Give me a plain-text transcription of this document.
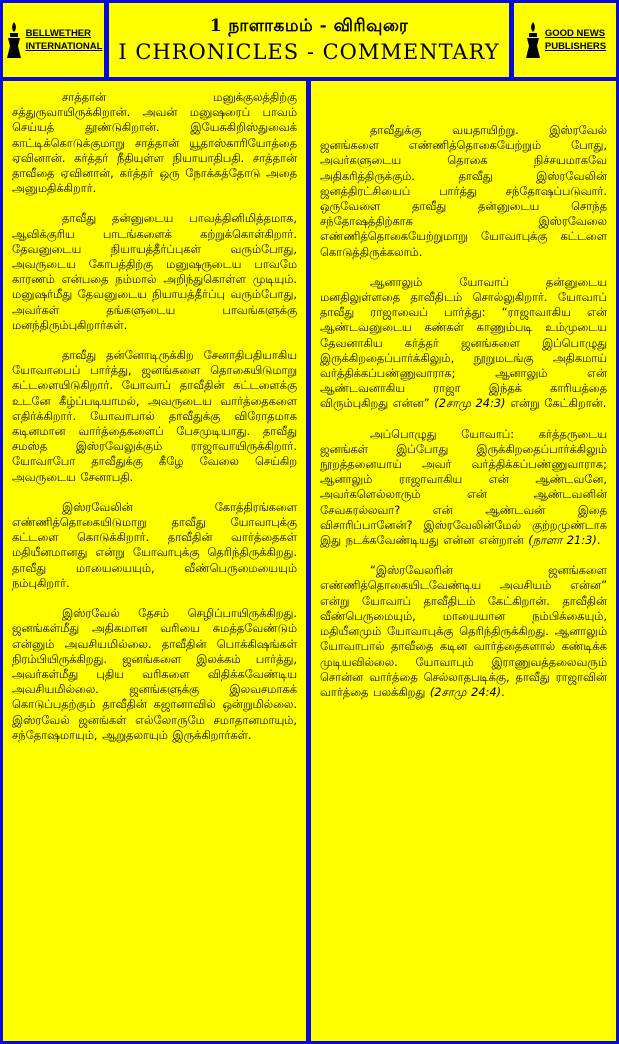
BELLWETHER
INTERNATIONAL
1 நாளாகமம் - விரிவுரை
I CHRONICLES - COMMENTARY
GOOD NEWS
PUBLISHERS

சாத்தான் மனுக்குலத்திற்கு சத்துருவாயிருக்கிறான். அவன் மனுஷரைப் பாவம் செய்யத் தூண்டுகிறான். இயேசுகிறிஸ்துவைக் காட்டிக்கொடுக்குமாறு சாத்தான் யூதாஸ்காரியோத்தை ஏவினான். கர்த்தர் நீதியுள்ள நியாயாதிபதி. சாத்தான் தாவீதை ஏவினான், கர்த்தர் ஒரு நோக்கத்தோடு அதை அனுமதிக்கிறார்.

தாவீது தன்னுடைய பாவத்தினிமித்தமாக, ஆவிக்குரிய பாடங்களைக் கற்றுக்கொள்கிறார். தேவனுடைய நியாயத்தீர்ப்புகள் வரும்போது, அவருடைய கோபத்திற்கு மனுஷருடைய பாவமே காரணம் என்பதை நம்மால் அறிந்துகொள்ள முடியும். மனுஷர்மீது தேவனுடைய நியாயத்தீர்ப்பு வரும்போது, அவர்கள் தங்களுடைய பாவங்களுக்கு மனந்திரும்புகிறார்கள்.

தாவீது தன்னோடிருக்கிற சேனாதிபதியாகிய யோவாபைப் பார்த்து, ஜனங்களை தொகையிடுமாறு கட்டளையிடுகிறார். யோவாப் தாவீதின் கட்டளைக்கு உடனே கீழ்ப்படியாமல், அவருடைய வார்த்தைகளை எதிர்க்கிறார். யோவாபால் தாவீதுக்கு விரோதமாக கடினமான வார்த்தைகளைப் பேசமுடியாது. தாவீது சமஸ்த இஸ்ரவேலுக்கும் ராஜாவாயிருக்கிறார். யோவாபோ தாவீதுக்கு கீழே வேலை செய்கிற அவருடைய சேனாபதி.

இஸ்ரவேலின் கோத்திரங்களை எண்ணித்தொகையிடுமாறு தாவீது யோவாபுக்கு கட்டளை கொடுக்கிறார். தாவீதின் வார்த்தைகள் மதியீனமானது என்று யோவாபுக்கு தெரிந்திருக்கிறது. தாவீது மாயையையும், வீண்பெருமையையும் நம்புகிறார்.

இஸ்ரவேல் தேசம் செழிப்பாயிருக்கிறது. ஜனங்கள்மீது அதிகமான வரியை சுமத்தவேண்டும் என்னும் அவசியமில்லை. தாவீதின் பொக்கிஷங்கள் நிரம்பியிருக்கிறது. ஜனங்களை இலக்கம் பார்த்து, அவர்கள்மீது புதிய வரிகளை விதிக்கவேண்டிய அவசியமில்லை. ஜனங்களுக்கு இலவசமாகக் கொடுப்பதற்கும் தாவீதின் கஜானாவில் ஒன்றுமில்லை. இஸ்ரவேல் ஜனங்கள் எல்லோருமே சமாதானமாயும், சந்தோஷமாயும், ஆறுதலாயும் இருக்கிறார்கள்.

தாவீதுக்கு வயதாயிற்று. இஸ்ரவேல் ஜனங்களை எண்ணித்தொகையேற்றும் போது, அவர்களுடைய தொகை நிச்சயமாகவே அதிகரித்திருக்கும். தாவீது இஸ்ரவேலின் ஜனத்திரட்சியைப் பார்த்து சந்தோஷப்படுவார். ஒருவேளை தாவீது தன்னுடைய சொந்த சந்தோஷத்திற்காக இஸ்ரவேலை எண்ணித்தொகையேற்றுமாறு யோவாபுக்கு கட்டளை கொடுத்திருக்கலாம்.

ஆனாலும் யோவாப் தன்னுடைய மனதிலுள்ளதை தாவீதிடம் சொல்லுகிறார். யோவாப் தாவீது ராஜாவைப் பார்த்து: “ராஜாவாகிய என் ஆண்டவனுடைய கண்கள் காணும்படி உம்முடைய தேவனாகிய கர்த்தர் ஜனங்களை இப்பொழுது இருக்கிறதைப்பார்க்கிலும், நூறுமடங்கு அதிகமாய் வர்த்திக்கப்பண்ணுவாராக; ஆனாலும் என் ஆண்டவனாகிய ராஜா இந்தக் காரியத்தை விரும்புகிறது என்ன” (2சாமு 24:3) என்று கேட்கிறான்.

அப்பொழுது யோவாப்: கர்த்தருடைய ஜனங்கள் இப்போது இருக்கிறதைப்பார்க்கிலும் நூறத்தனையாய் அவர் வர்த்திக்கப்பண்ணுவாராக; ஆனாலும் ராஜாவாகிய என் ஆண்டவனே, அவர்களெல்லாரும் என் ஆண்டவனின் சேவகரல்லவா? என் ஆண்டவன் இதை விசாரிப்பானேன்? இஸ்ரவேலின்மேல் குற்றமுண்டாக இது நடக்கவேண்டியது என்ன என்றான் (நாளா 21:3).

“இஸ்ரவேலரின் ஜனங்களை எண்ணித்தொகையிடவேண்டிய அவசியம் என்ன” என்று யோவாப் தாவீதிடம் கேட்கிறான். தாவீதின் வீண்பெருமையும், மாயையான நம்பிக்கையும், மதியீனமும் யோவாபுக்கு தெரிந்திருக்கிறது. ஆனாலும் யோவாபால் தாவீதை கடின வார்த்தைகளால் கண்டிக்க முடியவில்லை. யோவாபும் இராணுவத்தலைவரும் சொன்ன வார்த்தை செல்லாதபடிக்கு, தாவீது ராஜாவின் வார்த்தை பலக்கிறது (2சாமு 24:4).
